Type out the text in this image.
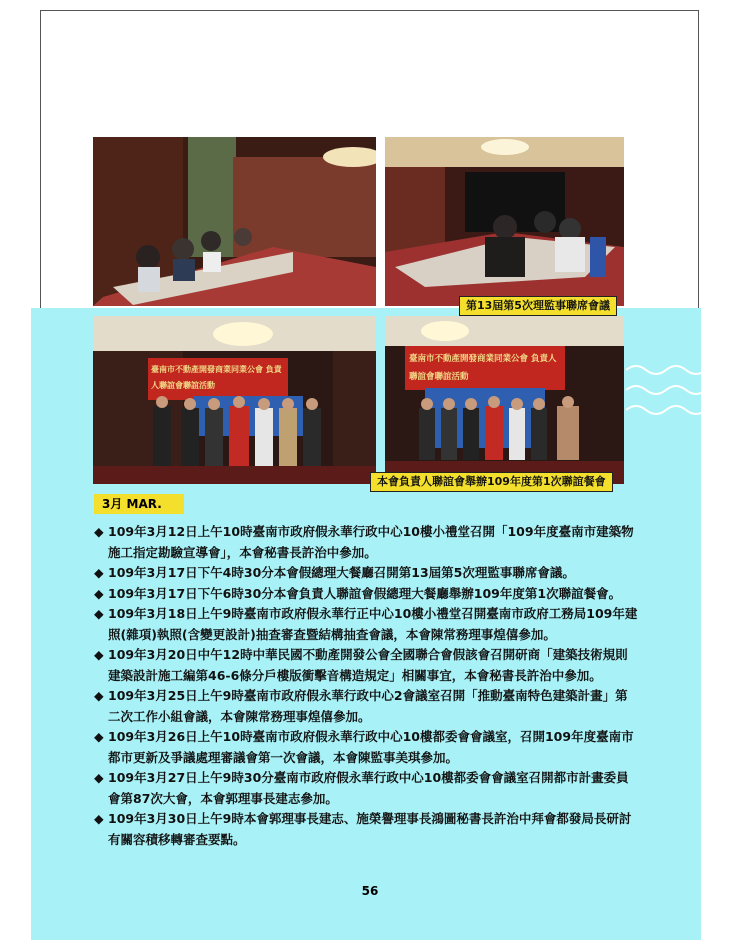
第13屆第5次理監事聯席會議
臺南市不動產開發商業同業公會 負責人聯誼會聯誼活動
臺南市不動產開發商業同業公會 負責人聯誼會聯誼活動
本會負責人聯誼會舉辦109年度第1次聯誼餐會
3月 MAR.
◆ 109年3月12日上午10時臺南市政府假永華行政中心10樓小禮堂召開「109年度臺南市建築物施工指定勘驗宣導會」，本會秘書長許治中參加。
◆ 109年3月17日下午4時30分本會假總理大餐廳召開第13屆第5次理監事聯席會議。
◆ 109年3月17日下午6時30分本會負責人聯誼會假總理大餐廳舉辦109年度第1次聯誼餐會。
◆ 109年3月18日上午9時臺南市政府假永華行正中心10樓小禮堂召開臺南市政府工務局109年建照(雜項)執照(含變更設計)抽查審查暨結構抽查會議，本會陳常務理事煌僖參加。
◆ 109年3月20日中午12時中華民國不動產開發公會全國聯合會假該會召開研商「建築技術規則建築設計施工編第46-6條分戶樓版衝擊音構造規定」相關事宜，本會秘書長許治中參加。
◆ 109年3月25日上午9時臺南市政府假永華行政中心2會議室召開「推動臺南特色建築計畫」第二次工作小組會議，本會陳常務理事煌僖參加。
◆ 109年3月26日上午10時臺南市政府假永華行政中心10樓都委會會議室，召開109年度臺南市都市更新及爭議處理審議會第一次會議，本會陳監事美琪參加。
◆ 109年3月27日上午9時30分臺南市政府假永華行政中心10樓都委會會議室召開都市計畫委員會第87次大會，本會郭理事長建志參加。
◆ 109年3月30日上午9時本會郭理事長建志、施榮譽理事長鴻圖秘書長許治中拜會都發局長研討有關容積移轉審查要點。
56
